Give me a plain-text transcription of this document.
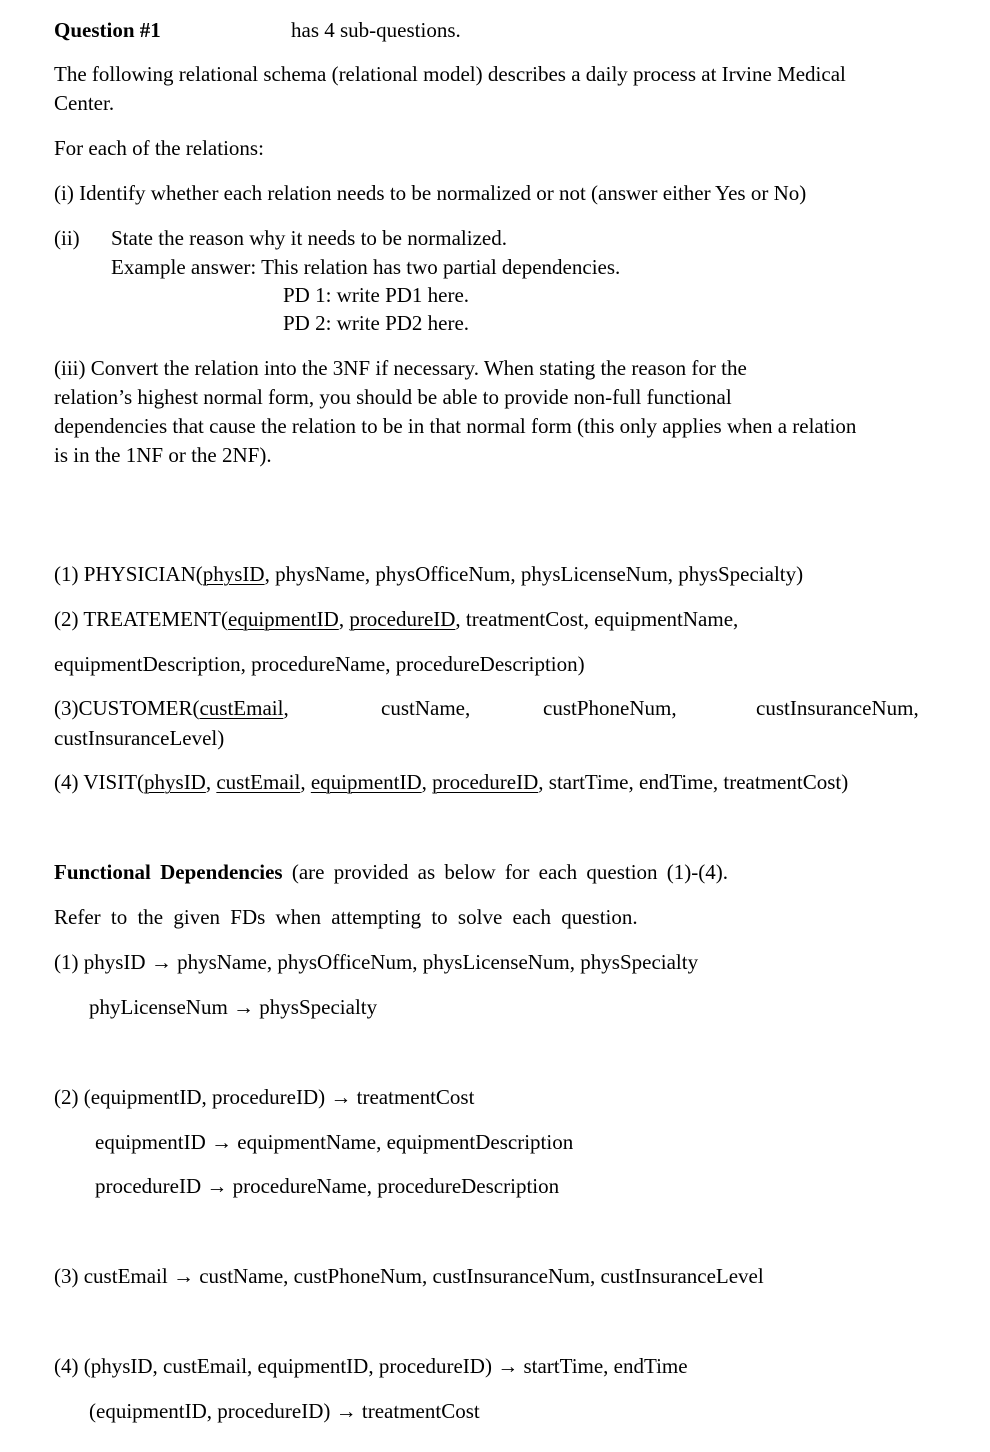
Question #1	has 4 sub-questions.
The following relational schema (relational model) describes a daily process at Irvine Medical
Center.
For each of the relations:
(i) Identify whether each relation needs to be normalized or not (answer either Yes or No)
(ii) State the reason why it needs to be normalized.
Example answer: This relation has two partial dependencies.
PD 1: write PD1 here.
PD 2: write PD2 here.
(iii) Convert the relation into the 3NF if necessary. When stating the reason for the
relation’s highest normal form, you should be able to provide non-full functional
dependencies that cause the relation to be in that normal form (this only applies when a relation
is in the 1NF or the 2NF).
(1) PHYSICIAN(physID, physName, physOfficeNum, physLicenseNum, physSpecialty)
(2) TREATEMENT(equipmentID, procedureID, treatmentCost, equipmentName,
equipmentDescription, procedureName, procedureDescription)
(3)CUSTOMER(custEmail,	custName,	custPhoneNum,	custInsuranceNum,
custInsuranceLevel)
(4) VISIT(physID, custEmail, equipmentID, procedureID, startTime, endTime, treatmentCost)
Functional Dependencies (are provided as below for each question (1)-(4).
Refer to the given FDs when attempting to solve each question.
(1) physID → physName, physOfficeNum, physLicenseNum, physSpecialty
phyLicenseNum → physSpecialty
(2) (equipmentID, procedureID) → treatmentCost
equipmentID → equipmentName, equipmentDescription
procedureID → procedureName, procedureDescription
(3) custEmail → custName, custPhoneNum, custInsuranceNum, custInsuranceLevel
(4) (physID, custEmail, equipmentID, procedureID) → startTime, endTime
(equipmentID, procedureID) → treatmentCost
